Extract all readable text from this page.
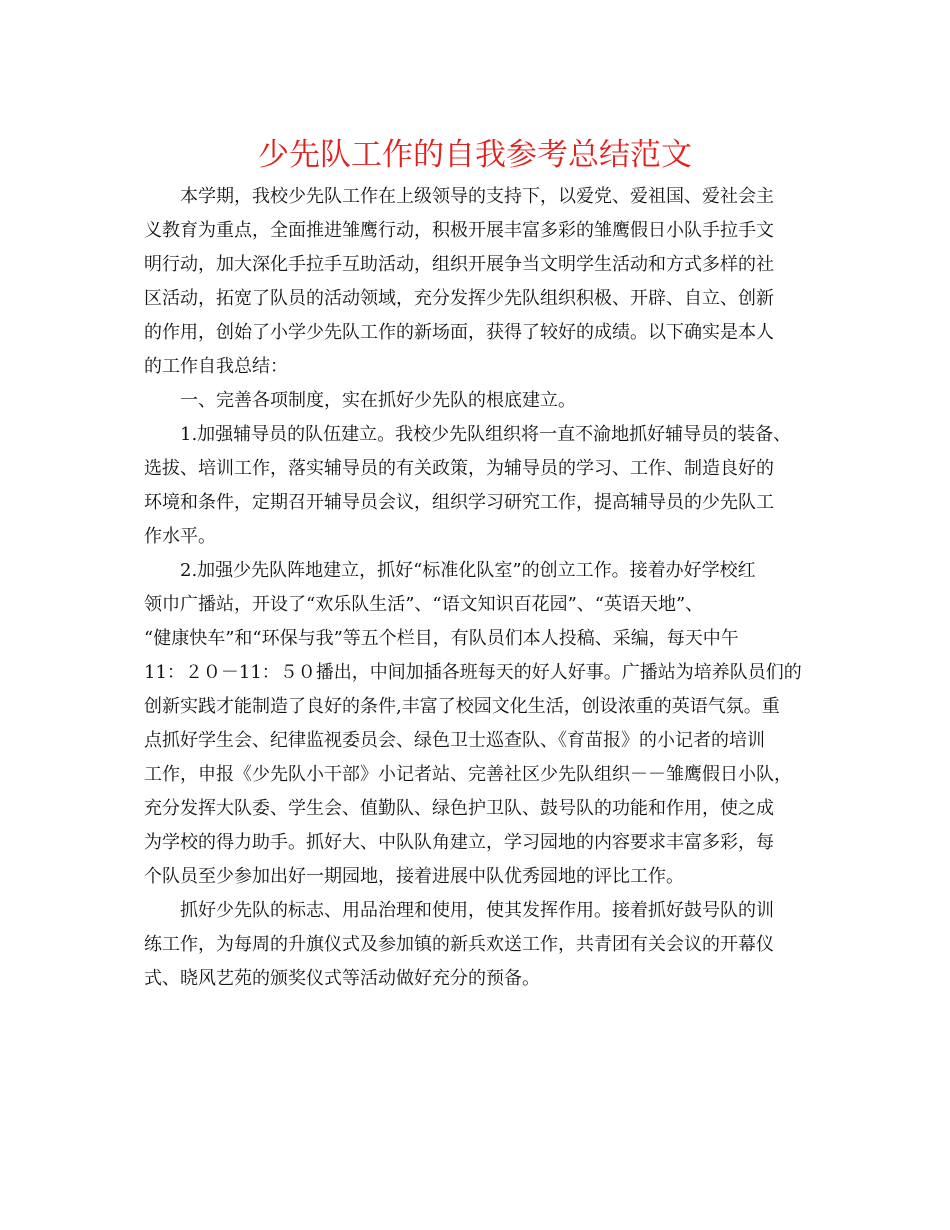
少先队工作的自我参考总结范文
本学期，我校少先队工作在上级领导的支持下，以爱党、爱祖国、爱社会主
义教育为重点，全面推进雏鹰行动，积极开展丰富多彩的雏鹰假日小队手拉手文
明行动，加大深化手拉手互助活动，组织开展争当文明学生活动和方式多样的社
区活动，拓宽了队员的活动领域，充分发挥少先队组织积极、开辟、自立、创新
的作用，创始了小学少先队工作的新场面，获得了较好的成绩。以下确实是本人
的工作自我总结：
一、完善各项制度，实在抓好少先队的根底建立。
1.加强辅导员的队伍建立。我校少先队组织将一直不渝地抓好辅导员的装备、
选拔、培训工作，落实辅导员的有关政策，为辅导员的学习、工作、制造良好的
环境和条件，定期召开辅导员会议，组织学习研究工作，提高辅导员的少先队工
作水平。
2.加强少先队阵地建立，抓好“标准化队室”的创立工作。接着办好学校红
领巾广播站，开设了“欢乐队生活”、“语文知识百花园”、“英语天地”、
“健康快车”和“环保与我”等五个栏目，有队员们本人投稿、采编，每天中午
11：２０－11：５０播出，中间加插各班每天的好人好事。广播站为培养队员们的
创新实践才能制造了良好的条件,丰富了校园文化生活，创设浓重的英语气氛。重
点抓好学生会、纪律监视委员会、绿色卫士巡查队、《育苗报》的小记者的培训
工作，申报《少先队小干部》小记者站、完善社区少先队组织－－雏鹰假日小队，
充分发挥大队委、学生会、值勤队、绿色护卫队、鼓号队的功能和作用，使之成
为学校的得力助手。抓好大、中队队角建立，学习园地的内容要求丰富多彩，每
个队员至少参加出好一期园地，接着进展中队优秀园地的评比工作。
抓好少先队的标志、用品治理和使用，使其发挥作用。接着抓好鼓号队的训
练工作，为每周的升旗仪式及参加镇的新兵欢送工作，共青团有关会议的开幕仪
式、晓风艺苑的颁奖仪式等活动做好充分的预备。
